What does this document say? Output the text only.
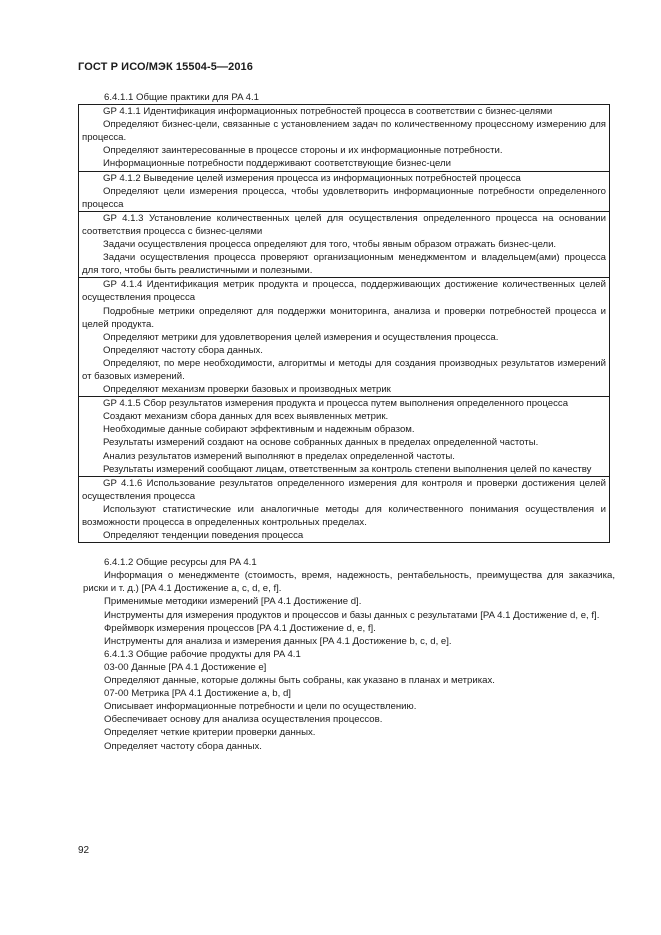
ГОСТ Р ИСО/МЭК 15504-5—2016

6.4.1.1 Общие практики для PA 4.1

GP 4.1.1 Идентификация информационных потребностей процесса в соответствии с бизнес-целями
Определяют бизнес-цели, связанные с установлением задач по количественному процессному измерению для процесса.
Определяют заинтересованные в процессе стороны и их информационные потребности.
Информационные потребности поддерживают соответствующие бизнес-цели

GP 4.1.2 Выведение целей измерения процесса из информационных потребностей процесса
Определяют цели измерения процесса, чтобы удовлетворить информационные потребности определенного процесса

GP 4.1.3 Установление количественных целей для осуществления определенного процесса на основании соответствия процесса с бизнес-целями
Задачи осуществления процесса определяют для того, чтобы явным образом отражать бизнес-цели.
Задачи осуществления процесса проверяют организационным менеджментом и владельцем(ами) процесса для того, чтобы быть реалистичными и полезными.

GP 4.1.4 Идентификация метрик продукта и процесса, поддерживающих достижение количественных целей осуществления процесса
Подробные метрики определяют для поддержки мониторинга, анализа и проверки потребностей процесса и целей продукта.
Определяют метрики для удовлетворения целей измерения и осуществления процесса.
Определяют частоту сбора данных.
Определяют, по мере необходимости, алгоритмы и методы для создания производных результатов измерений от базовых измерений.
Определяют механизм проверки базовых и производных метрик

GP 4.1.5 Сбор результатов измерения продукта и процесса путем выполнения определенного процесса
Создают механизм сбора данных для всех выявленных метрик.
Необходимые данные собирают эффективным и надежным образом.
Результаты измерений создают на основе собранных данных в пределах определенной частоты.
Анализ результатов измерений выполняют в пределах определенной частоты.
Результаты измерений сообщают лицам, ответственным за контроль степени выполнения целей по качеству

GP 4.1.6 Использование результатов определенного измерения для контроля и проверки достижения целей осуществления процесса
Используют статистические или аналогичные методы для количественного понимания осуществления и возможности процесса в определенных контрольных пределах.
Определяют тенденции поведения процесса

6.4.1.2 Общие ресурсы для PA 4.1

Информация о менеджменте (стоимость, время, надежность, рентабельность, преимущества для заказчика, риски и т. д.) [PA 4.1 Достижение a, c, d, e, f].

Применимые методики измерений [PA 4.1 Достижение d].

Инструменты для измерения продуктов и процессов и базы данных с результатами [PA 4.1 Достижение d, e, f].

Фреймворк измерения процессов [PA 4.1 Достижение d, e, f].

Инструменты для анализа и измерения данных [PA 4.1 Достижение b, c, d, e].

6.4.1.3 Общие рабочие продукты для PA 4.1

03-00 Данные [PA 4.1 Достижение e]

Определяют данные, которые должны быть собраны, как указано в планах и метриках.

07-00 Метрика [PA 4.1 Достижение a, b, d]

Описывает информационные потребности и цели по осуществлению.

Обеспечивает основу для анализа осуществления процессов.

Определяет четкие критерии проверки данных.

Определяет частоту сбора данных.

92
